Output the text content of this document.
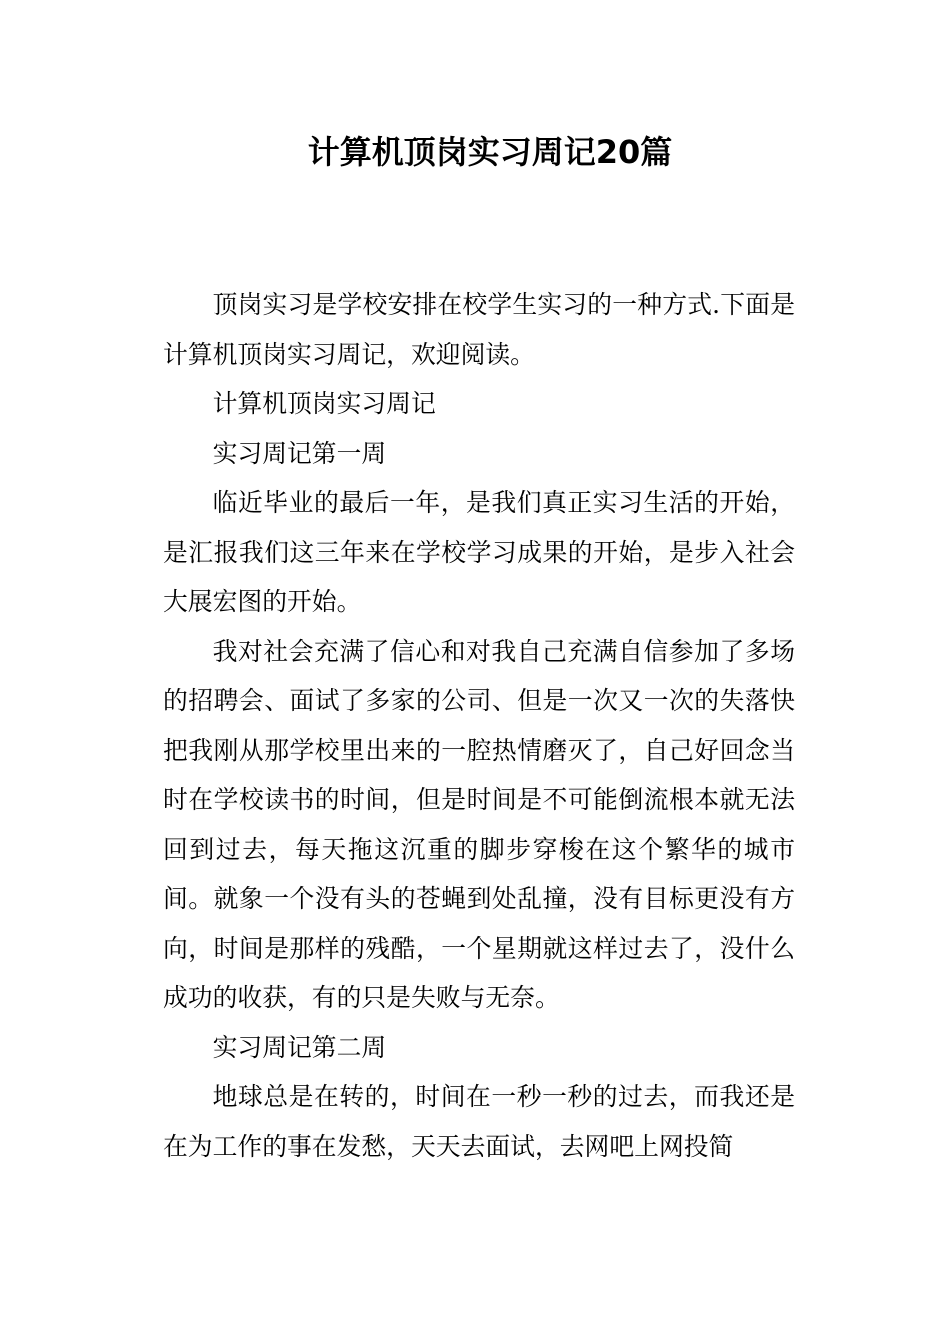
计算机顶岗实习周记20篇

顶岗实习是学校安排在校学生实习的一种方式.下面是计算机顶岗实习周记，欢迎阅读。

计算机顶岗实习周记

实习周记第一周

临近毕业的最后一年，是我们真正实习生活的开始，是汇报我们这三年来在学校学习成果的开始，是步入社会大展宏图的开始。

我对社会充满了信心和对我自己充满自信参加了多场的招聘会、面试了多家的公司、但是一次又一次的失落快把我刚从那学校里出来的一腔热情磨灭了，自己好回念当时在学校读书的时间，但是时间是不可能倒流根本就无法回到过去，每天拖这沉重的脚步穿梭在这个繁华的城市间。就象一个没有头的苍蝇到处乱撞，没有目标更没有方向，时间是那样的残酷，一个星期就这样过去了，没什么成功的收获，有的只是失败与无奈。

实习周记第二周

地球总是在转的，时间在一秒一秒的过去，而我还是在为工作的事在发愁，天天去面试，去网吧上网投简
